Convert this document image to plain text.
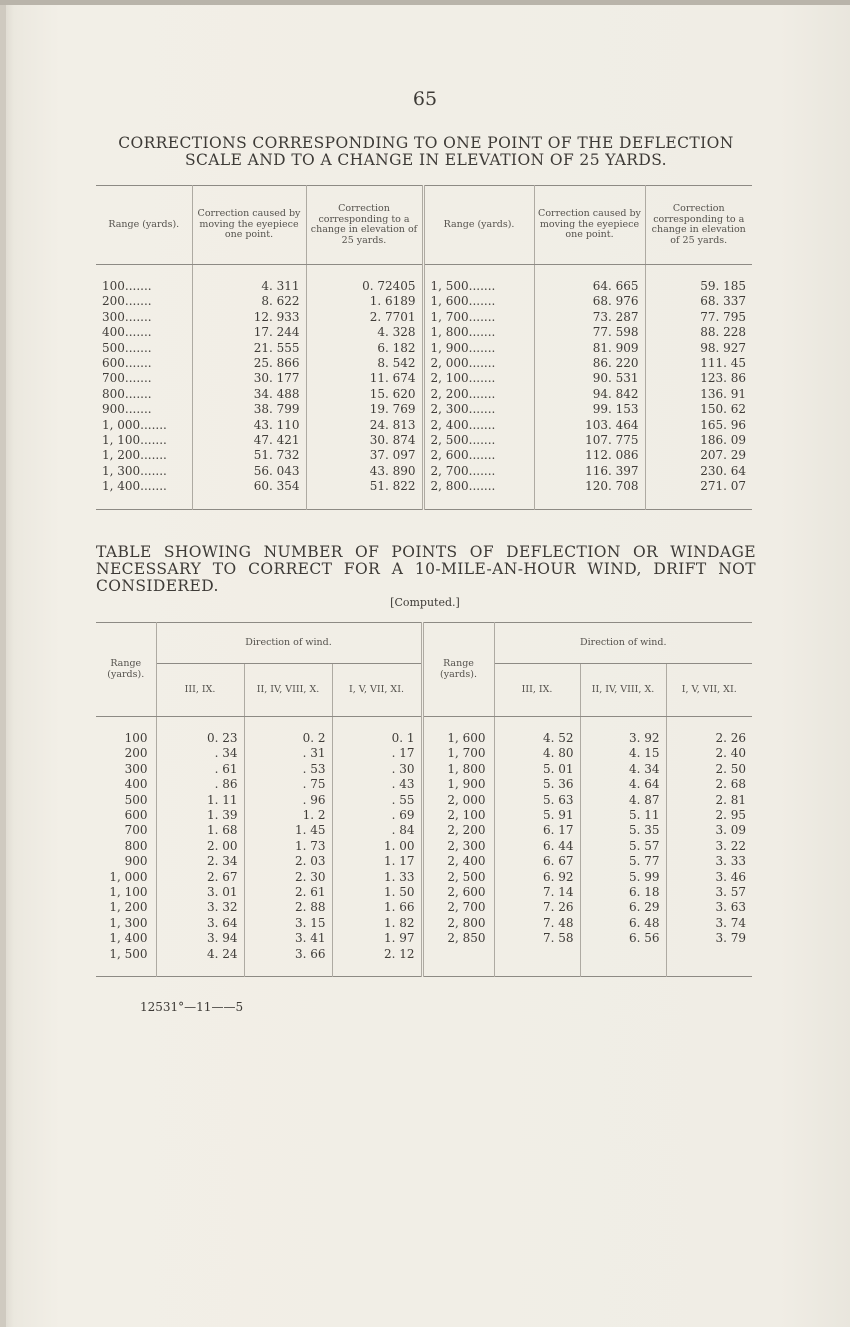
65
CORRECTIONS CORRESPONDING TO ONE POINT OF THE DEFLECTION SCALE AND TO A CHANGE IN ELEVATION OF 25 YARDS.
Range (yards).	Correction caused by moving the eyepiece one point.	Correction corresponding to a change in elevation of 25 yards.	Range (yards).	Correction caused by moving the eyepiece one point.	Correction corresponding to a change in elevation of 25 yards.
100.......	4. 311	0. 72405	1, 500.......	64. 665	59. 185
200.......	8. 622	1. 6189	1, 600.......	68. 976	68. 337
300.......	12. 933	2. 7701	1, 700.......	73. 287	77. 795
400.......	17. 244	4. 328	1, 800.......	77. 598	88. 228
500.......	21. 555	6. 182	1, 900.......	81. 909	98. 927
600.......	25. 866	8. 542	2, 000.......	86. 220	111. 45
700.......	30. 177	11. 674	2, 100.......	90. 531	123. 86
800.......	34. 488	15. 620	2, 200.......	94. 842	136. 91
900.......	38. 799	19. 769	2, 300.......	99. 153	150. 62
1, 000.......	43. 110	24. 813	2, 400.......	103. 464	165. 96
1, 100.......	47. 421	30. 874	2, 500.......	107. 775	186. 09
1, 200.......	51. 732	37. 097	2, 600.......	112. 086	207. 29
1, 300.......	56. 043	43. 890	2, 700.......	116. 397	230. 64
1, 400.......	60. 354	51. 822	2, 800.......	120. 708	271. 07
TABLE SHOWING NUMBER OF POINTS OF DEFLECTION OR WINDAGE NECESSARY TO CORRECT FOR A 10-MILE-AN-HOUR WIND, DRIFT NOT CONSIDERED.
[Computed.]
Range (yards).	Direction of wind.			Range (yards).	Direction of wind.		
	III, IX.	II, IV, VIII, X.	I, V, VII, XI.		III, IX.	II, IV, VIII, X.	I, V, VII, XI.
100	0. 23	0. 2	0. 1	1, 600	4. 52	3. 92	2. 26
200	. 34	. 31	. 17	1, 700	4. 80	4. 15	2. 40
300	. 61	. 53	. 30	1, 800	5. 01	4. 34	2. 50
400	. 86	. 75	. 43	1, 900	5. 36	4. 64	2. 68
500	1. 11	. 96	. 55	2, 000	5. 63	4. 87	2. 81
600	1. 39	1. 2	. 69	2, 100	5. 91	5. 11	2. 95
700	1. 68	1. 45	. 84	2, 200	6. 17	5. 35	3. 09
800	2. 00	1. 73	1. 00	2, 300	6. 44	5. 57	3. 22
900	2. 34	2. 03	1. 17	2, 400	6. 67	5. 77	3. 33
1, 000	2. 67	2. 30	1. 33	2, 500	6. 92	5. 99	3. 46
1, 100	3. 01	2. 61	1. 50	2, 600	7. 14	6. 18	3. 57
1, 200	3. 32	2. 88	1. 66	2, 700	7. 26	6. 29	3. 63
1, 300	3. 64	3. 15	1. 82	2, 800	7. 48	6. 48	3. 74
1, 400	3. 94	3. 41	1. 97	2, 850	7. 58	6. 56	3. 79
1, 500	4. 24	3. 66	2. 12				
12531°—11——5
